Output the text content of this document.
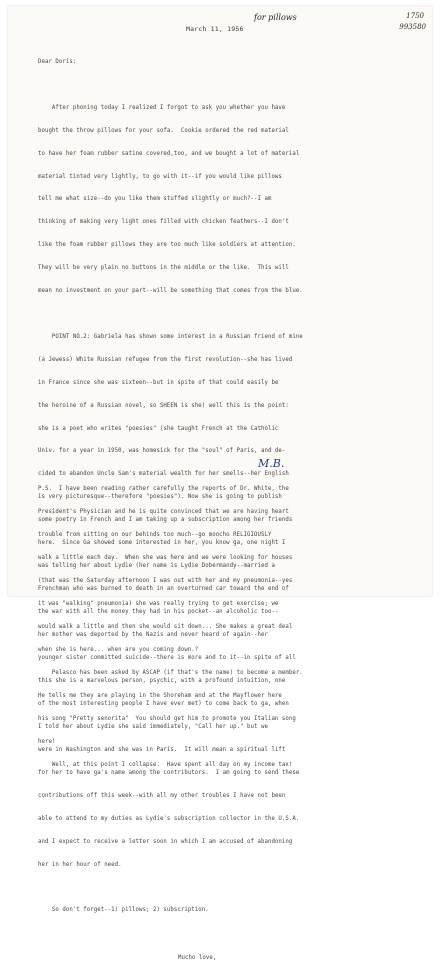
1750
993580
March 11, 1956
for pillows

Dear Doris:

After phoning today I realized I forgot to ask you whether you have

bought the throw pillows for your sofa.  Cookie ordered the red material

to have her foam rubber satine covered,too, and we bought a lot of material

material tinted very lightly, to go with it--if you would like pillows

tell me what size--do you like them stuffed slightly or much?--I am

thinking of making very light ones filled with chicken feathers--I don't

like the foam rubber pillows they are too much like soldiers at attention.

They will be very plain no buttons in the middle or the like.  This will

mean no investment on your part--will be something that comes from the blue.

POINT NO.2: Gabriela has shown some interest in a Russian friend of mine

(a Jewess) White Russian refugee from the first revolution--she has lived

in France since she was sixteen--but in spite of that could easily be

the heroine of a Russian novel, so SHEEN is she) well this is the point:

she is a poet who writes "poesies" (she taught French at the Catholic

Univ. for a year in 1950, was homesick for the "soul" of Paris, and de-

cided to abandon Uncle Sam's material wealth for her smells--her English

is very picturesque--therefore "poesies"). Now she is going to publish

some poetry in French and I am taking up a subscription among her friends

here.  Since Ga showed some interested in her, you know ga, one night I

was telling her about Lydie (her name is Lydie Dobermandy--married a

Frenchman who was burned to death in an overturned car toward the end of

the war with all the money they had in his pocket--an alcoholic too--

her mother was deported by the Nazis and never heard of again--her

younger sister committed suicide--there is more and to it--in spite of all

this she is a marvelous person, psychic, with a profound intuition, one

of the most interesting people I have ever met) to come back to ga, when

I told her about Lydie she said immediately, "Call her up." but we

were in Washington and she was in Paris.  It will mean a spiritual lift

for her to have ga's name among the contributors.  I am going to send these

contributions off this week--with all my other troubles I have not been

able to attend to my duties as Lydie's subscription collector in the U.S.A.

and I expect to receive a letter soon in which I am accused of abandoning

her in her hour of need.

So don't forget--1) pillows; 2) subscription.

Mucho love,

M.B.

P.S.  I have been reading rather carefully the reports of Dr. White, the

President's Physician and he is quite convinced that we are having heart

trouble from sitting on our behinds too much--go moocho RELIGIOUSLY

walk a little each day.  When she was here and we were looking for houses

(that was the Saturday afternoon I was out with her and my pneumonia--yes

it was "walking" pneumonia) she was really trying to get exercise; we

would walk a little and then she would sit down... She makes a great deal

when she is here... when are you coming down.?

Pelasco has been asked by ASCAP (if that's the name) to become a member.

He tells me they are playing in the Shoreham and at the Mayflower here

his song "Pretty senorita"  You should get him to promote you Italian song

here!

Well, at this point I collapse.  Have spent all day on my income tax!
